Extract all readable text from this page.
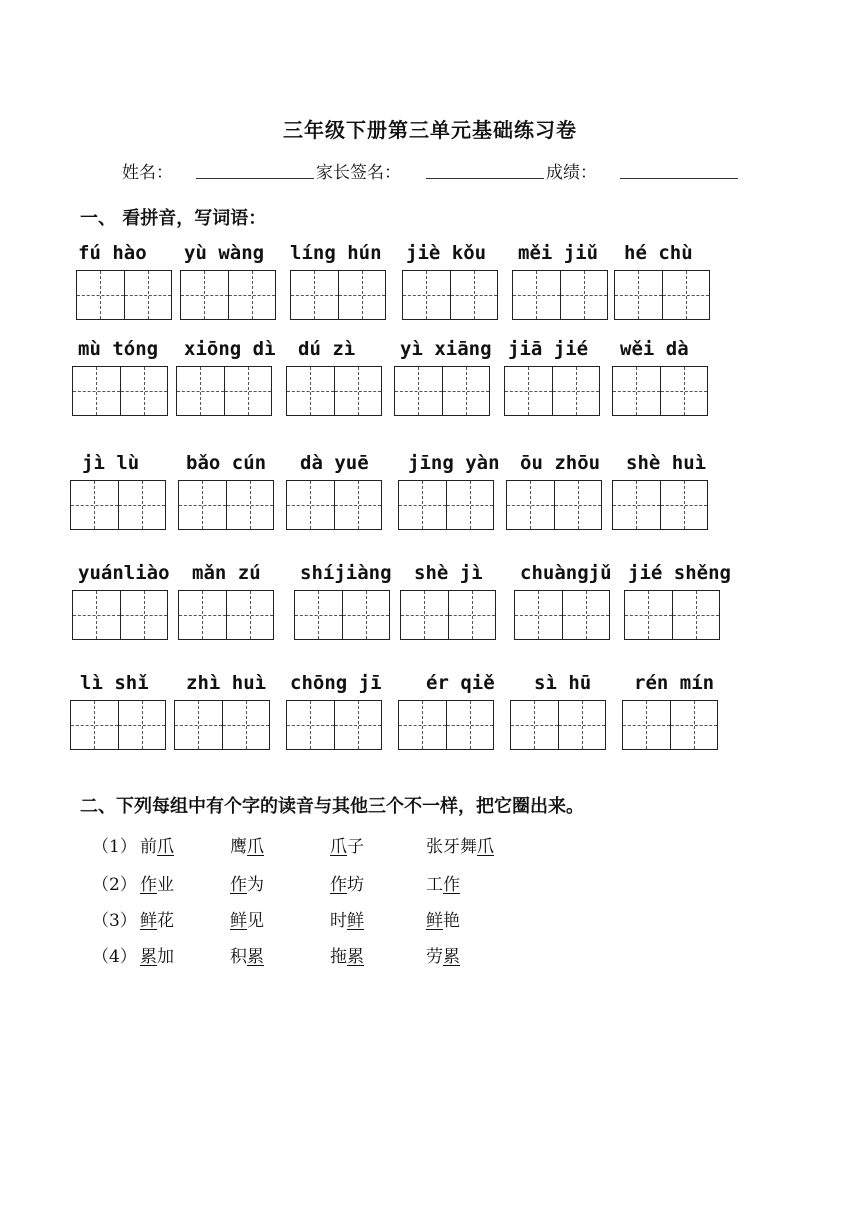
三年级下册第三单元基础练习卷
姓名：	家长签名：	成绩：
一、 看拼音，写词语：
fú hào yù wàng líng hún jiè kǒu měi jiǔ hé chù
mù tóng xiōng dì dú zì yì xiāng jiā jié wěi dà
jì lù bǎo cún dà yuē jīng yàn ōu zhōu shè huì
yuánliào mǎn zú shíjiàng shè jì chuàngjǔ jié shěng
lì shǐ zhì huì chōng jī ér qiě sì hū rén mín
二、下列每组中有个字的读音与其他三个不一样，把它圈出来。
（1） 前爪	鹰爪	爪子	张牙舞爪
（2） 作业	作为	作坊	工作
（3） 鲜花	鲜见	时鲜	鲜艳
（4） 累加	积累	拖累	劳累
